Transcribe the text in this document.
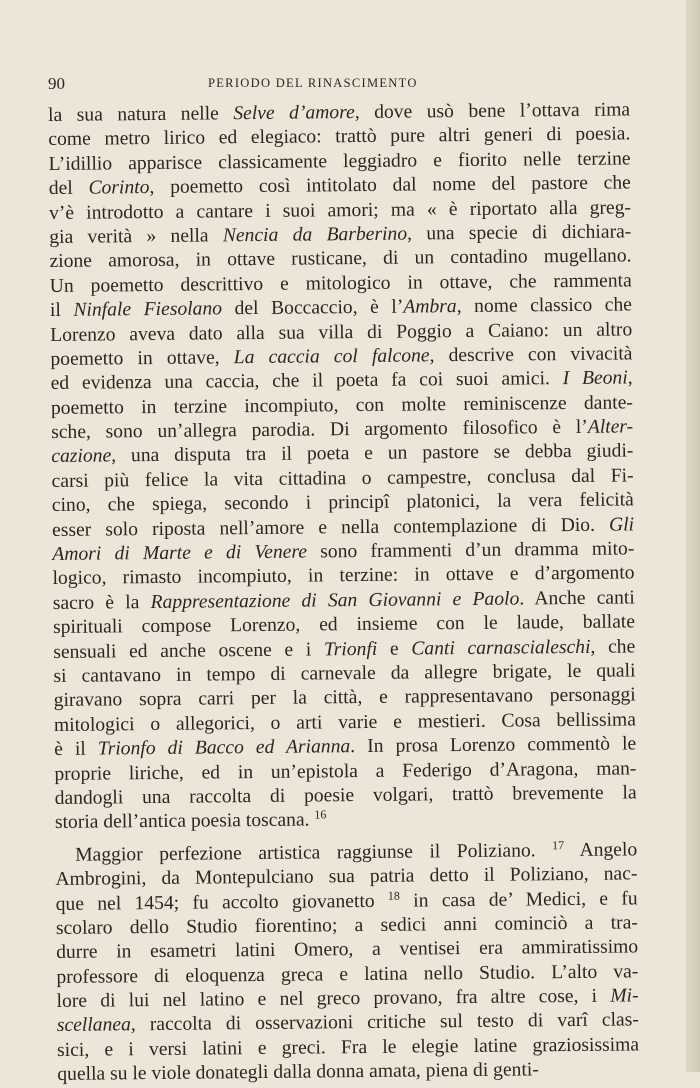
90	PERIODO DEL RINASCIMENTO
la sua natura nelle Selve d’amore, dove usò bene l’ottava rima
come metro lirico ed elegiaco: trattò pure altri generi di poesia.
L’idillio apparisce classicamente leggiadro e fiorito nelle terzine
del Corinto, poemetto così intitolato dal nome del pastore che
v’è introdotto a cantare i suoi amori; ma « è riportato alla greg-
gia verità » nella Nencia da Barberino, una specie di dichiara-
zione amorosa, in ottave rusticane, di un contadino mugellano.
Un poemetto descrittivo e mitologico in ottave, che rammenta
il Ninfale Fiesolano del Boccaccio, è l’Ambra, nome classico che
Lorenzo aveva dato alla sua villa di Poggio a Caiano: un altro
poemetto in ottave, La caccia col falcone, descrive con vivacità
ed evidenza una caccia, che il poeta fa coi suoi amici. I Beoni,
poemetto in terzine incompiuto, con molte reminiscenze dante-
sche, sono un’allegra parodia. Di argomento filosofico è l’Alter-
cazione, una disputa tra il poeta e un pastore se debba giudi-
carsi più felice la vita cittadina o campestre, conclusa dal Fi-
cino, che spiega, secondo i principî platonici, la vera felicità
esser solo riposta nell’amore e nella contemplazione di Dio. Gli
Amori di Marte e di Venere sono frammenti d’un dramma mito-
logico, rimasto incompiuto, in terzine: in ottave e d’argomento
sacro è la Rappresentazione di San Giovanni e Paolo. Anche canti
spirituali compose Lorenzo, ed insieme con le laude, ballate
sensuali ed anche oscene e i Trionfi e Canti carnascialeschi, che
si cantavano in tempo di carnevale da allegre brigate, le quali
giravano sopra carri per la città, e rappresentavano personaggi
mitologici o allegorici, o arti varie e mestieri. Cosa bellissima
è il Trionfo di Bacco ed Arianna. In prosa Lorenzo commentò le
proprie liriche, ed in un’epistola a Federigo d’Aragona, man-
dandogli una raccolta di poesie volgari, trattò brevemente la
storia dell’antica poesia toscana. $^{16}$
Maggior perfezione artistica raggiunse il Poliziano. $^{17}$ Angelo
Ambrogini, da Montepulciano sua patria detto il Poliziano, nac-
que nel 1454; fu accolto giovanetto $^{18}$ in casa de’ Medici, e fu
scolaro dello Studio fiorentino; a sedici anni cominciò a tra-
durre in esametri latini Omero, a ventisei era ammiratissimo
professore di eloquenza greca e latina nello Studio. L’alto va-
lore di lui nel latino e nel greco provano, fra altre cose, i Mi-
scellanea, raccolta di osservazioni critiche sul testo di varî clas-
sici, e i versi latini e greci. Fra le elegie latine graziosissima
quella su le viole donategli dalla donna amata, piena di genti-
